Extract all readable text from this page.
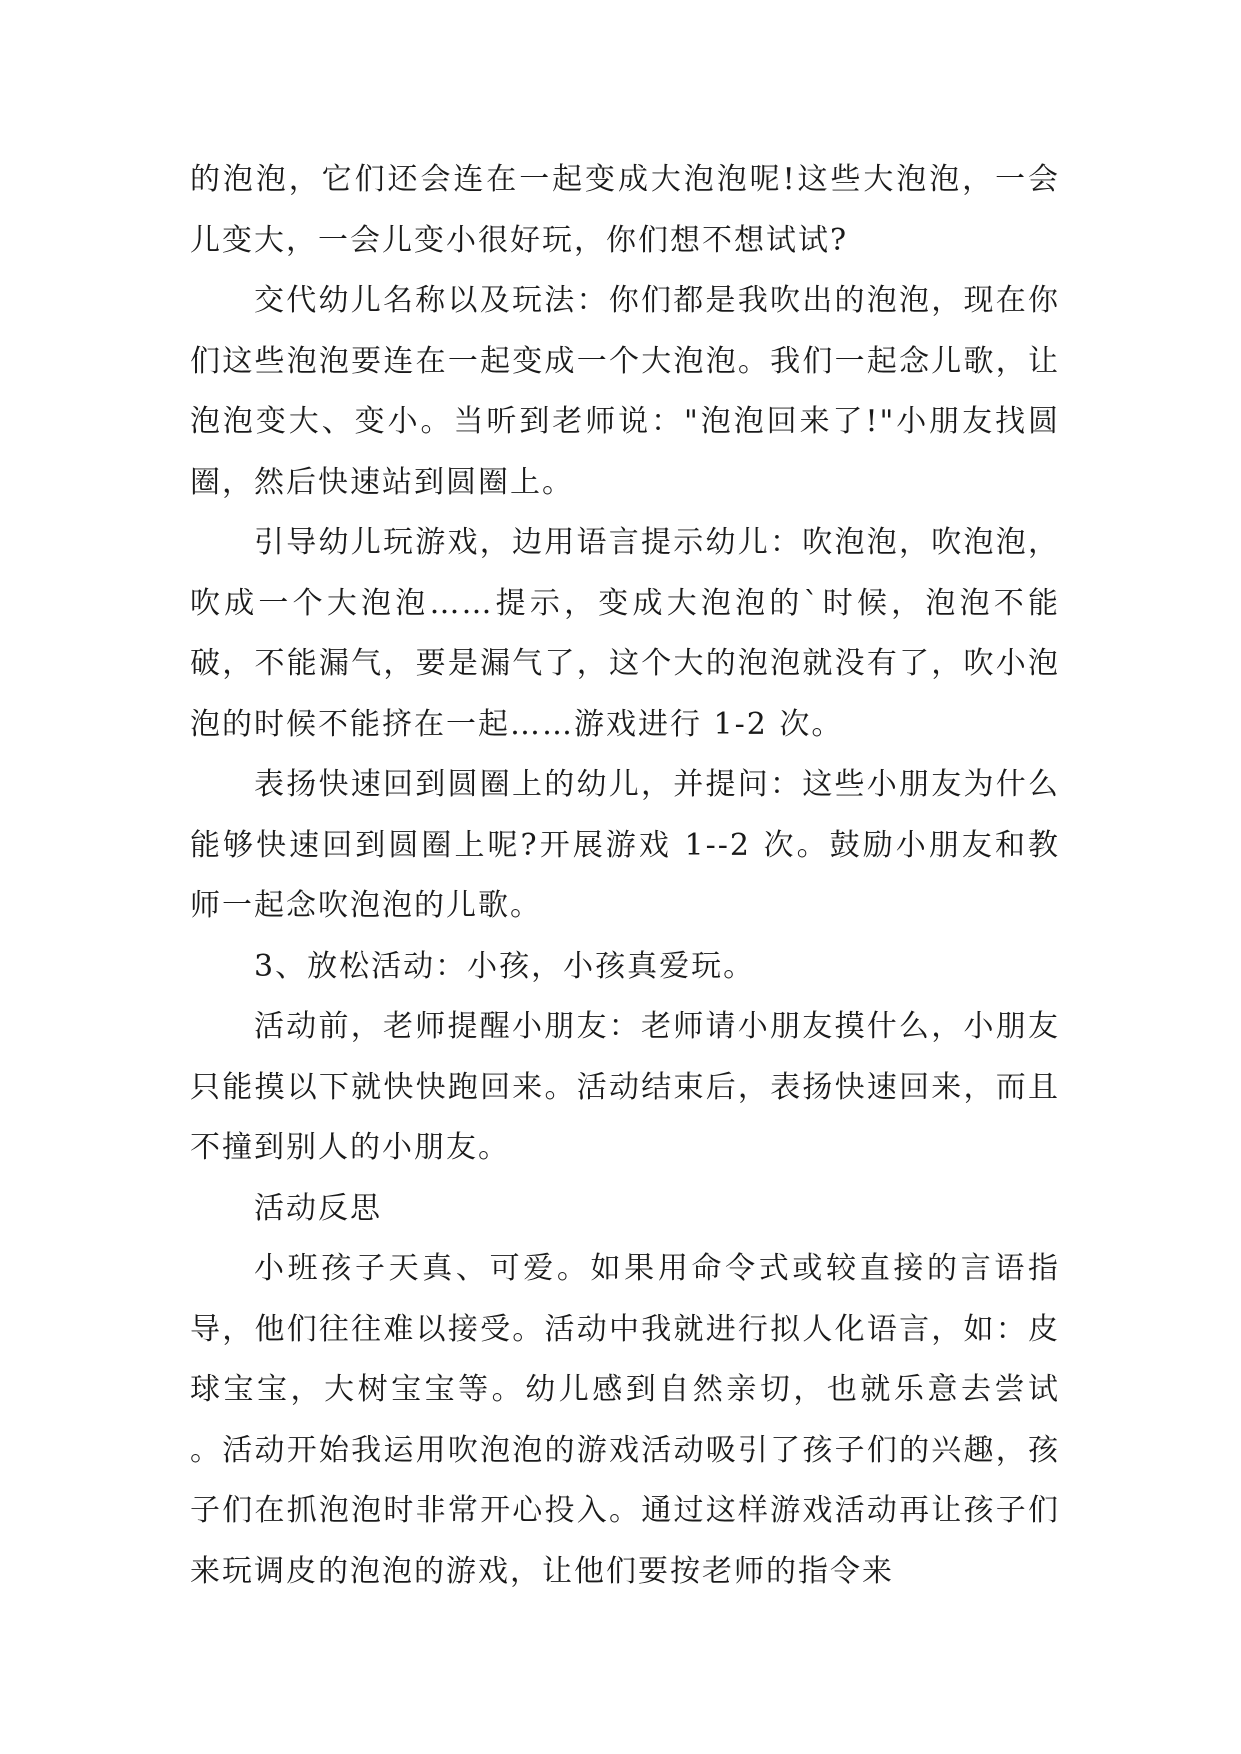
的泡泡，它们还会连在一起变成大泡泡呢!这些大泡泡，一会儿变大，一会儿变小很好玩，你们想不想试试?

交代幼儿名称以及玩法：你们都是我吹出的泡泡，现在你们这些泡泡要连在一起变成一个大泡泡。我们一起念儿歌，让泡泡变大、变小。当听到老师说："泡泡回来了!"小朋友找圆圈，然后快速站到圆圈上。

引导幼儿玩游戏，边用语言提示幼儿：吹泡泡，吹泡泡，吹成一个大泡泡……提示，变成大泡泡的`时候，泡泡不能破，不能漏气，要是漏气了，这个大的泡泡就没有了，吹小泡泡的时候不能挤在一起……游戏进行 1-2 次。

表扬快速回到圆圈上的幼儿，并提问：这些小朋友为什么能够快速回到圆圈上呢?开展游戏 1--2 次。鼓励小朋友和教师一起念吹泡泡的儿歌。

3、放松活动：小孩，小孩真爱玩。

活动前，老师提醒小朋友：老师请小朋友摸什么，小朋友只能摸以下就快快跑回来。活动结束后，表扬快速回来，而且不撞到别人的小朋友。

活动反思

小班孩子天真、可爱。如果用命令式或较直接的言语指导，他们往往难以接受。活动中我就进行拟人化语言，如：皮球宝宝，大树宝宝等。幼儿感到自然亲切，也就乐意去尝试 。活动开始我运用吹泡泡的游戏活动吸引了孩子们的兴趣，孩子们在抓泡泡时非常开心投入。通过这样游戏活动再让孩子们来玩调皮的泡泡的游戏，让他们要按老师的指令来
